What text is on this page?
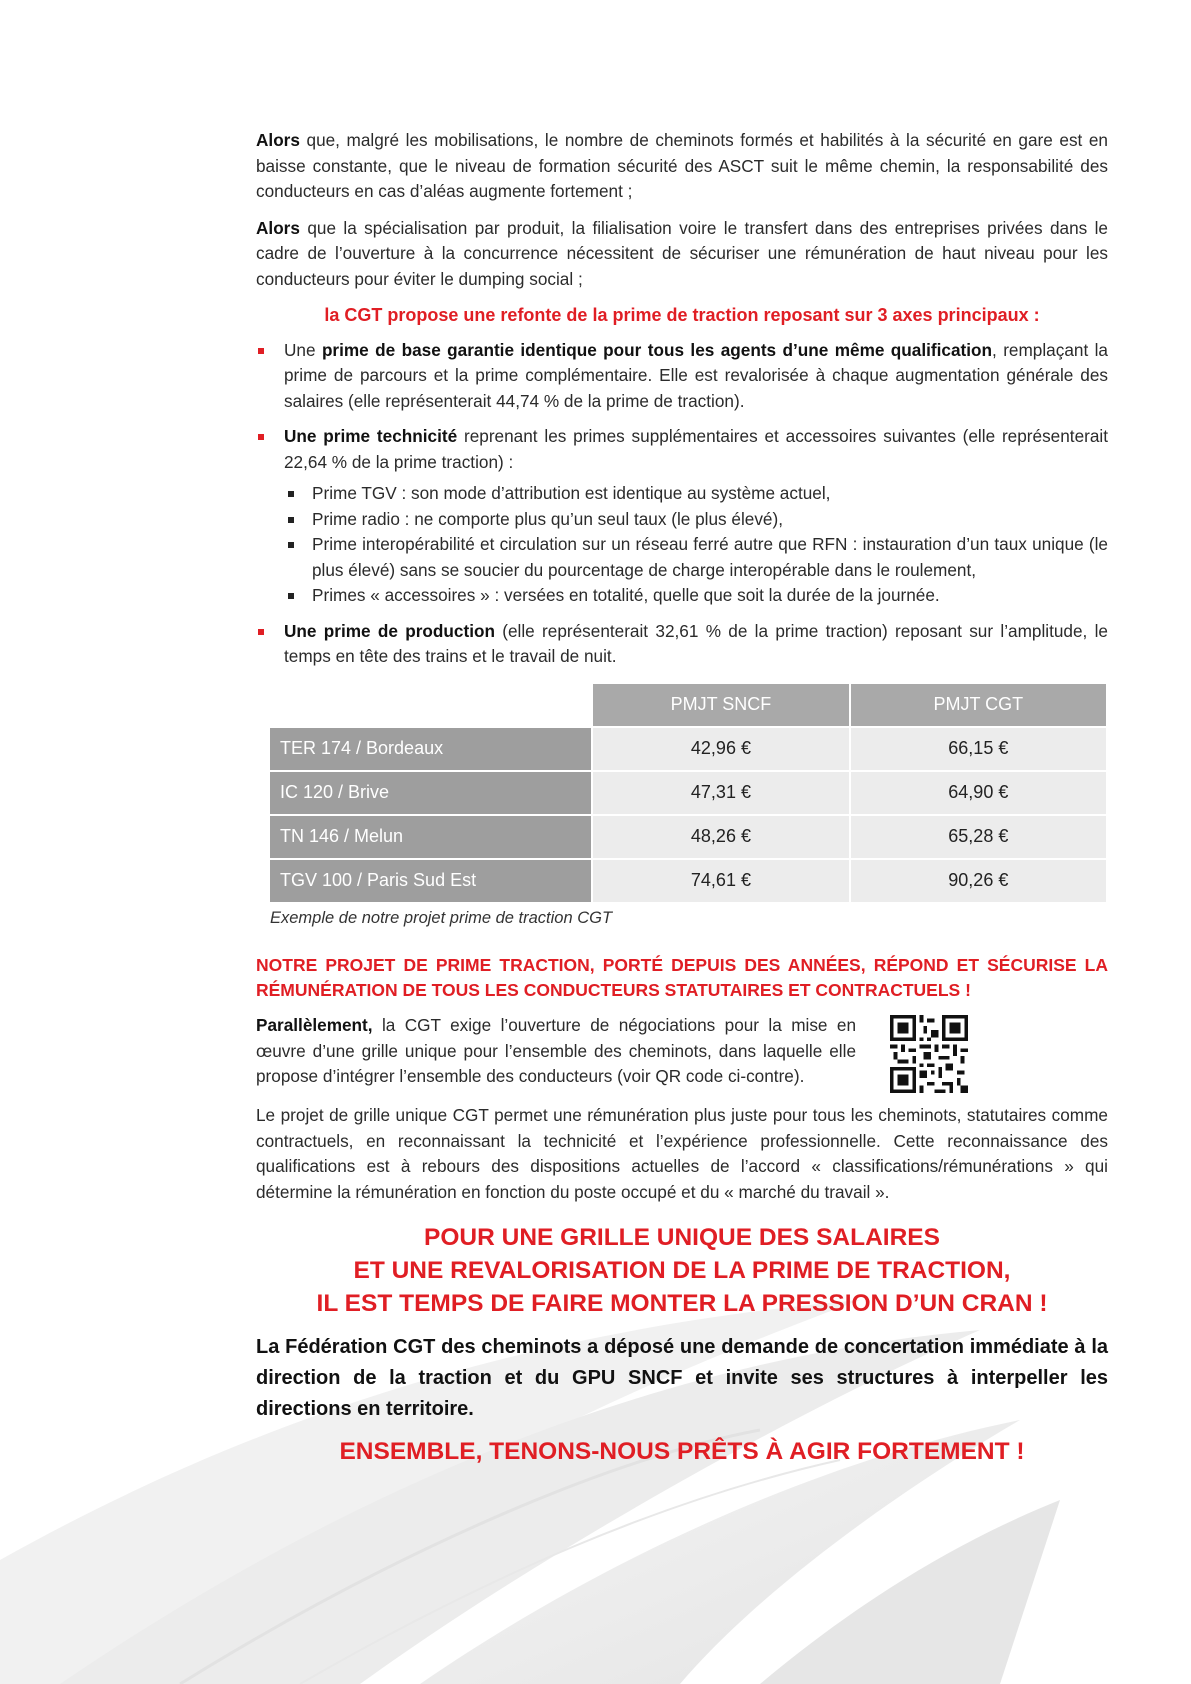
Alors que, malgré les mobilisations, le nombre de cheminots formés et habilités à la sécurité en gare est en baisse constante, que le niveau de formation sécurité des ASCT suit le même chemin, la responsabilité des conducteurs en cas d’aléas augmente fortement ;

Alors que la spécialisation par produit, la filialisation voire le transfert dans des entreprises privées dans le cadre de l’ouverture à la concurrence nécessitent de sécuriser une rémunération de haut niveau pour les conducteurs pour éviter le dumping social ;

la CGT propose une refonte de la prime de traction reposant sur 3 axes principaux :
Une prime de base garantie identique pour tous les agents d’une même qualification, remplaçant la prime de parcours et la prime complémentaire. Elle est revalorisée à chaque augmentation générale des salaires (elle représenterait 44,74 % de la prime de traction).
Une prime technicité reprenant les primes supplémentaires et accessoires suivantes (elle représenterait 22,64 % de la prime traction) :
Prime TGV : son mode d’attribution est identique au système actuel,
Prime radio : ne comporte plus qu’un seul taux (le plus élevé),
Prime interopérabilité et circulation sur un réseau ferré autre que RFN : instauration d’un taux unique (le plus élevé) sans se soucier du pourcentage de charge interopérable dans le roulement,
Primes « accessoires » : versées en totalité, quelle que soit la durée de la journée.
Une prime de production (elle représenterait 32,61 % de la prime traction) reposant sur l’amplitude, le temps en tête des trains et le travail de nuit.
	PMJT SNCF	PMJT CGT
TER 174 / Bordeaux	42,96 €	66,15 €
IC 120 / Brive	47,31 €	64,90 €
TN 146 / Melun	48,26 €	65,28 €
TGV 100 / Paris Sud Est	74,61 €	90,26 €
Exemple de notre projet prime de traction CGT
NOTRE PROJET DE PRIME TRACTION, PORTÉ DEPUIS DES ANNÉES, RÉPOND ET SÉCURISE LA RÉMUNÉRATION DE TOUS LES CONDUCTEURS STATUTAIRES ET CONTRACTUELS !

Parallèlement, la CGT exige l’ouverture de négociations pour la mise en œuvre d’une grille unique pour l’ensemble des cheminots, dans laquelle elle propose d’intégrer l’ensemble des conducteurs (voir QR code ci-contre).

Le projet de grille unique CGT permet une rémunération plus juste pour tous les cheminots, statutaires comme contractuels, en reconnaissant la technicité et l’expérience professionnelle. Cette reconnaissance des qualifications est à rebours des dispositions actuelles de l’accord « classifications/rémunérations » qui détermine la rémunération en fonction du poste occupé et du « marché du travail ».

POUR UNE GRILLE UNIQUE DES SALAIRES
ET UNE REVALORISATION DE LA PRIME DE TRACTION,
IL EST TEMPS DE FAIRE MONTER LA PRESSION D’UN CRAN !

La Fédération CGT des cheminots a déposé une demande de concertation immédiate à la direction de la traction et du GPU SNCF et invite ses structures à interpeller les directions en territoire.

ENSEMBLE, TENONS-NOUS PRÊTS À AGIR FORTEMENT !
